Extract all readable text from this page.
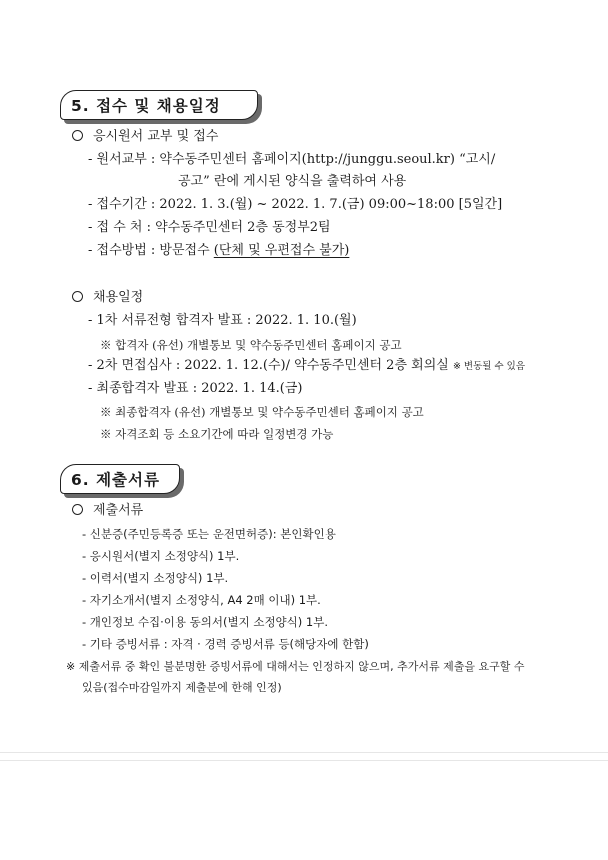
5. 접수 및 채용일정
응시원서 교부 및 접수
- 원서교부 : 약수동주민센터 홈페이지(http://junggu.seoul.kr) “고시/
공고” 란에 게시된 양식을 출력하여 사용
- 접수기간 : 2022. 1. 3.(월) ~ 2022. 1. 7.(금) 09:00~18:00 [5일간]
- 접 수 처 : 약수동주민센터 2층 동정부2팀
- 접수방법 : 방문접수 (단체 및 우편접수 불가)
채용일정
- 1차 서류전형 합격자 발표 : 2022. 1. 10.(월)
※ 합격자 (유선) 개별통보 및 약수동주민센터 홈페이지 공고
- 2차 면접심사 : 2022. 1. 12.(수)/ 약수동주민센터 2층 회의실 ※ 변동될 수 있음
- 최종합격자 발표 : 2022. 1. 14.(금)
※ 최종합격자 (유선) 개별통보 및 약수동주민센터 홈페이지 공고
※ 자격조회 등 소요기간에 따라 일정변경 가능
6. 제출서류
제출서류
- 신분증(주민등록증 또는 운전면허증): 본인확인용
- 응시원서(별지 소정양식) 1부.
- 이력서(별지 소정양식) 1부.
- 자기소개서(별지 소정양식, A4 2매 이내) 1부.
- 개인정보 수집·이용 동의서(별지 소정양식) 1부.
- 기타 증빙서류 : 자격 · 경력 증빙서류 등(해당자에 한함)
※ 제출서류 중 확인 불분명한 증빙서류에 대해서는 인정하지 않으며, 추가서류 제출을 요구할 수
있음(접수마감일까지 제출분에 한해 인정)
